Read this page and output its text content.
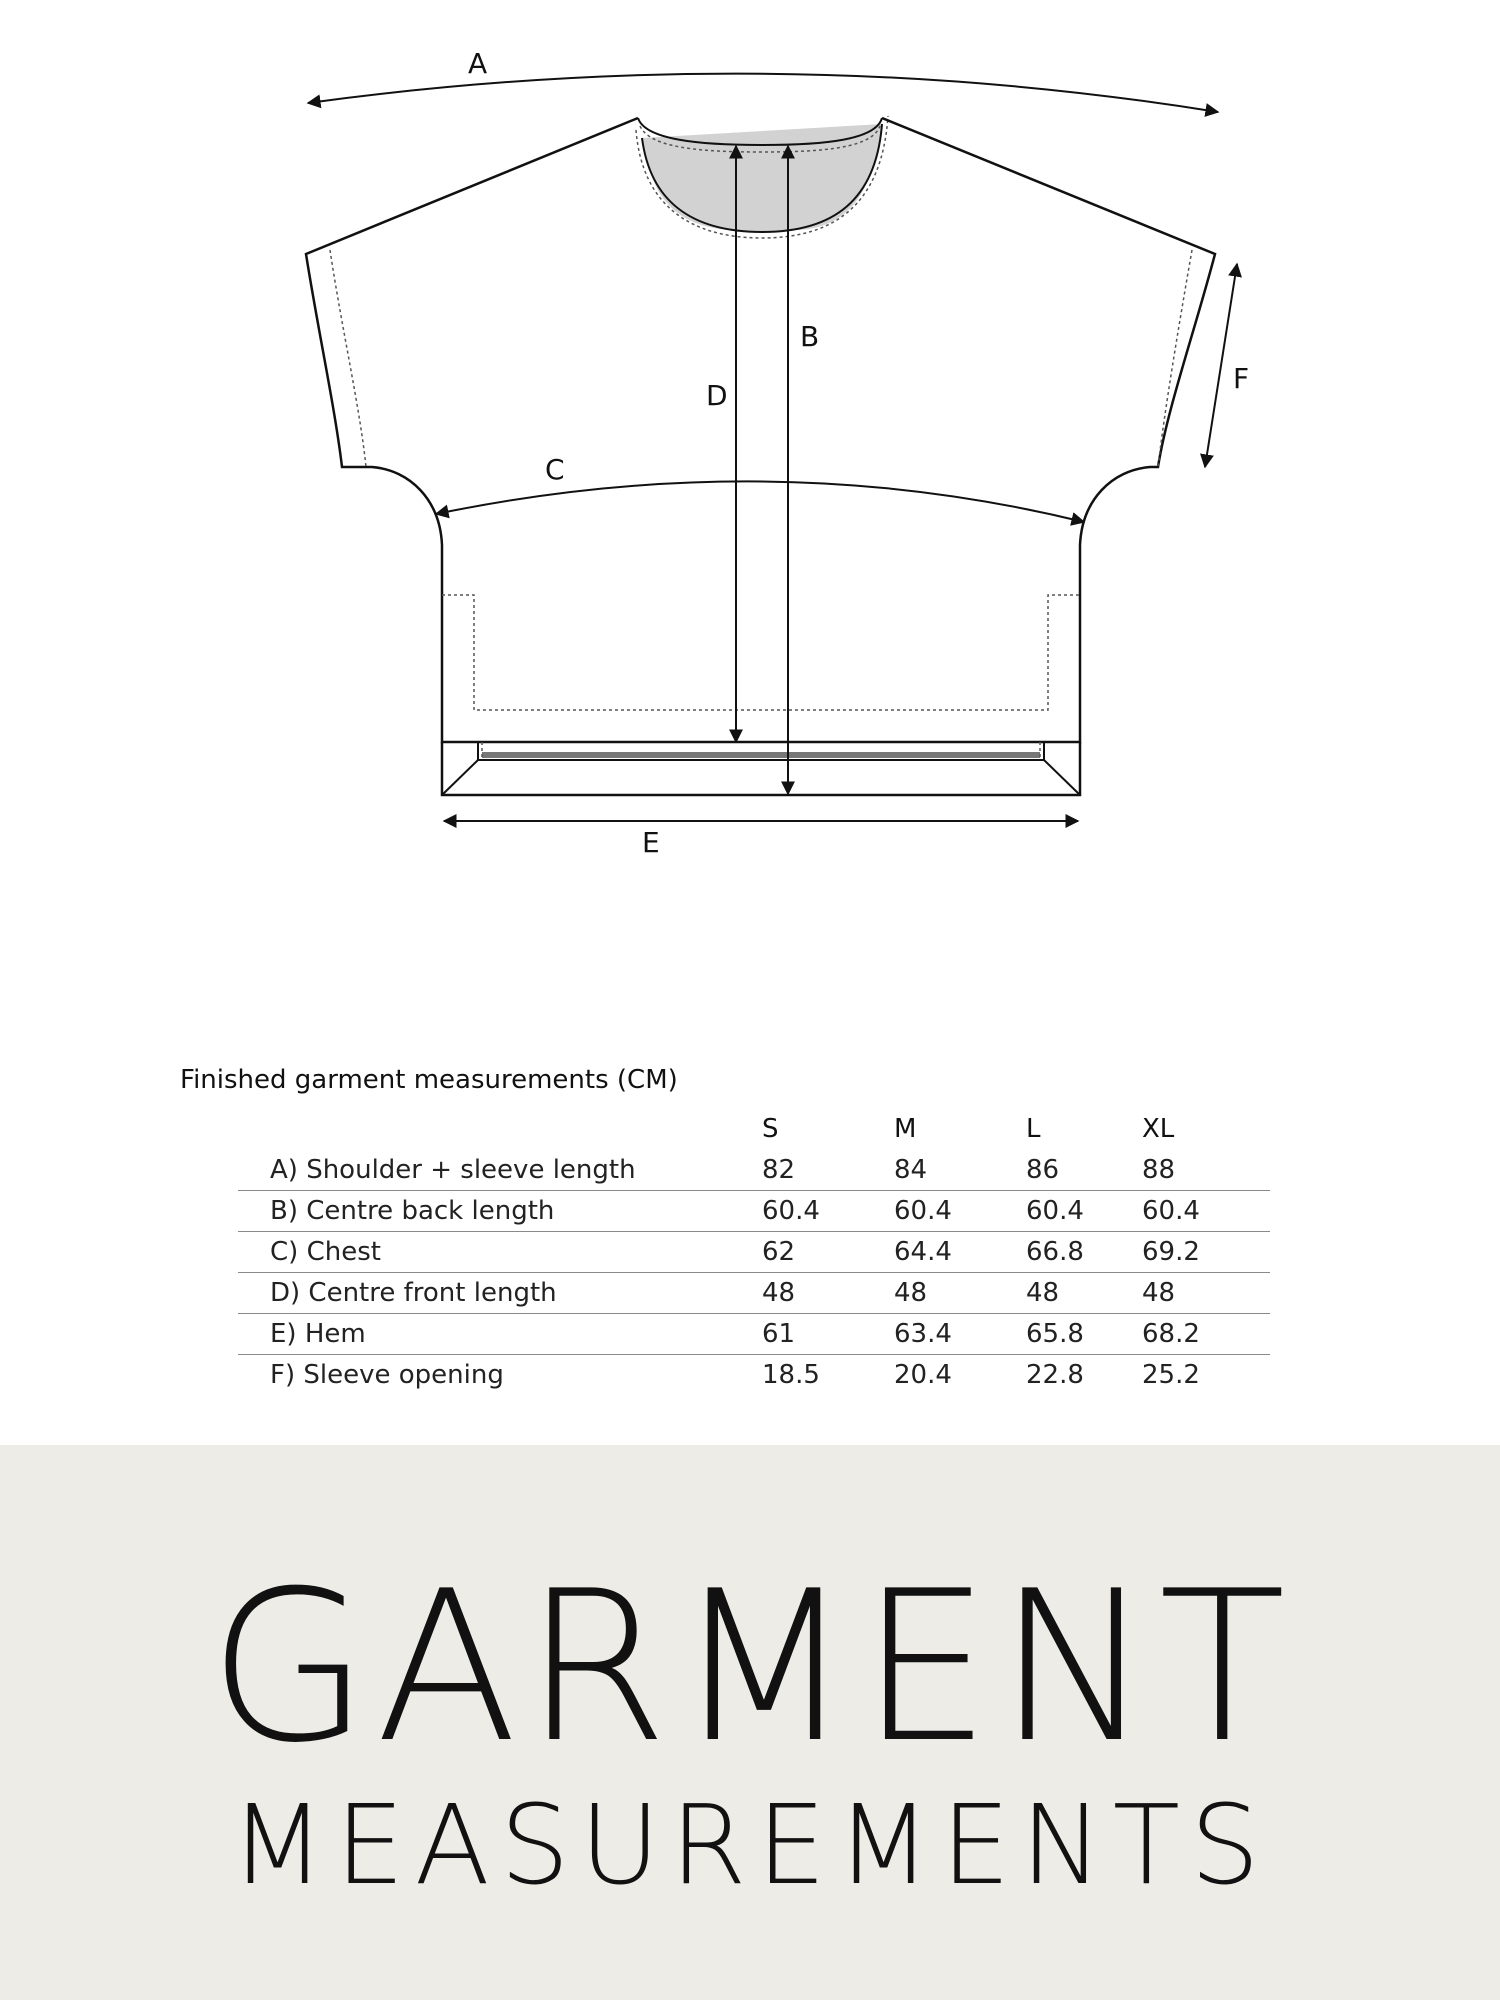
A
B
D
C
E
F
Finished garment measurements (CM)
	S	M	L	XL
A) Shoulder + sleeve length	82	84	86	88
B) Centre back length	60.4	60.4	60.4	60.4
C) Chest	62	64.4	66.8	69.2
D) Centre front length	48	48	48	48
E) Hem	61	63.4	65.8	68.2
F) Sleeve opening	18.5	20.4	22.8	25.2
GARMENT
MEASUREMENTS
